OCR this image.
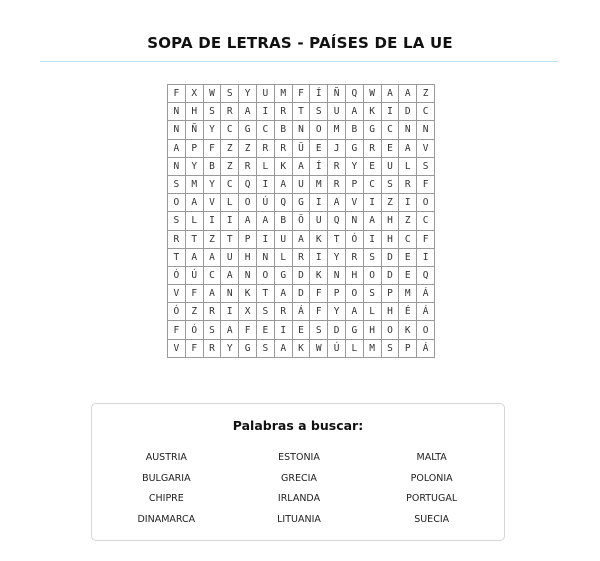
SOPA DE LETRAS - PAÍSES DE LA UE
F	X	W	S	Y	U	M	F	Í	Ñ	Q	W	A	A	Z
N	H	S	R	A	I	R	T	S	U	A	K	I	D	C
N	Ñ	Y	C	G	C	B	N	O	M	B	G	C	N	N
A	P	F	Z	Z	R	R	Ü	E	J	G	R	E	A	V
N	Y	B	Z	R	L	K	A	Í	R	Y	E	U	L	S
S	M	Y	C	Q	I	A	U	M	R	P	C	S	R	F
O	A	V	L	O	Ú	Q	G	I	A	V	I	Z	I	O
S	L	I	I	A	A	B	Ö	U	Q	N	A	H	Z	C
R	T	Z	T	P	I	U	A	K	T	Ó	I	H	C	F
T	A	A	U	H	N	L	R	I	Y	R	S	D	E	I
Ó	Ú	C	A	N	O	G	D	K	N	H	O	D	E	Q
V	F	A	N	K	T	A	D	F	P	O	S	P	M	Á
Ó	Z	R	I	X	S	R	Á	F	Y	A	L	H	É	Á
F	Ó	S	A	F	E	I	E	S	D	G	H	O	K	O
V	F	R	Y	G	S	A	K	W	Ú	L	M	S	P	Á
Palabras a buscar:
AUSTRIA	ESTONIA	MALTA
BULGARIA	GRECIA	POLONIA
CHIPRE	IRLANDA	PORTUGAL
DINAMARCA	LITUANIA	SUECIA
